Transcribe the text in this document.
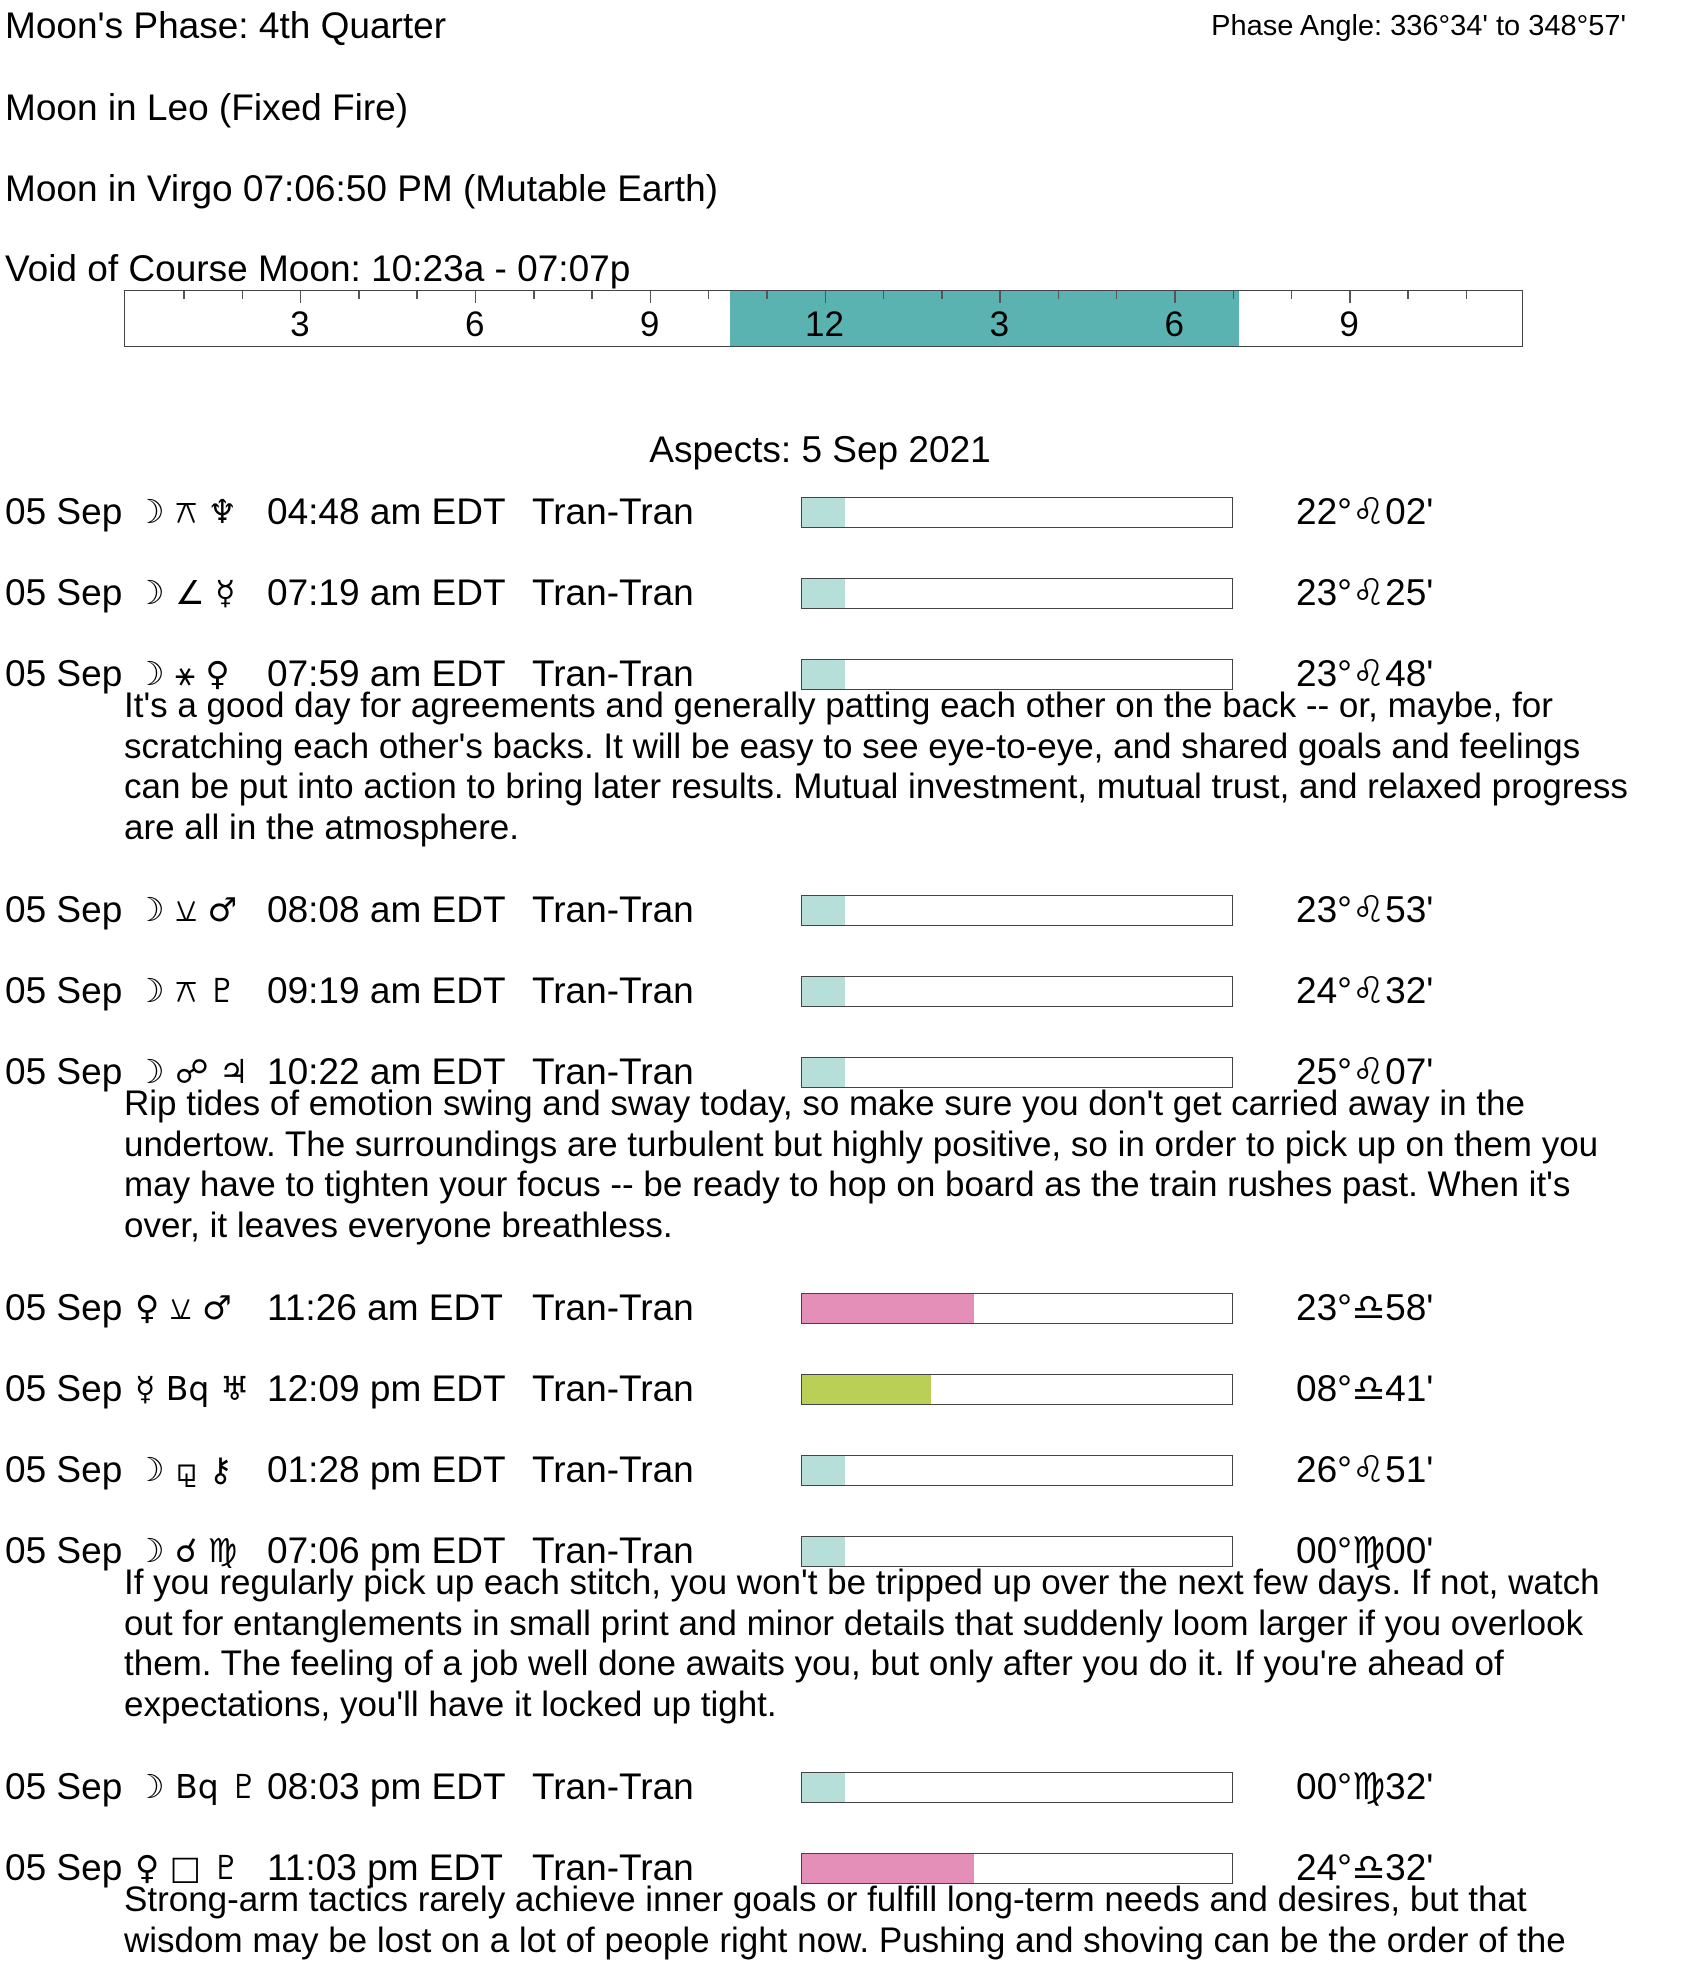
Moon's Phase: 4th Quarter	Phase Angle: 336°34' to 348°57'
Moon in Leo (Fixed Fire)
Moon in Virgo 07:06:50 PM (Mutable Earth)
Void of Course Moon: 10:23a - 07:07p
3	6	9	12	3	6	9
Aspects: 5 Sep 2021
05 Sep ☽ ⚻ ♆ 04:48 am EDT Tran-Tran	22°♌02'
05 Sep ☽ ∠ ☿ 07:19 am EDT Tran-Tran	23°♌25'
05 Sep ☽ ⚹ ♀ 07:59 am EDT Tran-Tran	23°♌48'
It's a good day for agreements and generally patting each other on the back -- or, maybe, for scratching each other's backs. It will be easy to see eye-to-eye, and shared goals and feelings can be put into action to bring later results. Mutual investment, mutual trust, and relaxed progress are all in the atmosphere.
05 Sep ☽ ⚺ ♂ 08:08 am EDT Tran-Tran	23°♌53'
05 Sep ☽ ⚻ ♇ 09:19 am EDT Tran-Tran	24°♌32'
05 Sep ☽ ☍ ♃ 10:22 am EDT Tran-Tran	25°♌07'
Rip tides of emotion swing and sway today, so make sure you don't get carried away in the undertow. The surroundings are turbulent but highly positive, so in order to pick up on them you may have to tighten your focus -- be ready to hop on board as the train rushes past. When it's over, it leaves everyone breathless.
05 Sep ♀ ⚺ ♂ 11:26 am EDT Tran-Tran	23°♎58'
05 Sep ☿ Bq ♅ 12:09 pm EDT Tran-Tran	08°♎41'
05 Sep ☽ ⚼ ⚷ 01:28 pm EDT Tran-Tran	26°♌51'
05 Sep ☽ ☌ ♍ 07:06 pm EDT Tran-Tran	00°♍00'
If you regularly pick up each stitch, you won't be tripped up over the next few days. If not, watch out for entanglements in small print and minor details that suddenly loom larger if you overlook them. The feeling of a job well done awaits you, but only after you do it. If you're ahead of expectations, you'll have it locked up tight.
05 Sep ☽ Bq ♇ 08:03 pm EDT Tran-Tran	00°♍32'
05 Sep ♀ □ ♇ 11:03 pm EDT Tran-Tran	24°♎32'
Strong-arm tactics rarely achieve inner goals or fulfill long-term needs and desires, but that wisdom may be lost on a lot of people right now. Pushing and shoving can be the order of the
